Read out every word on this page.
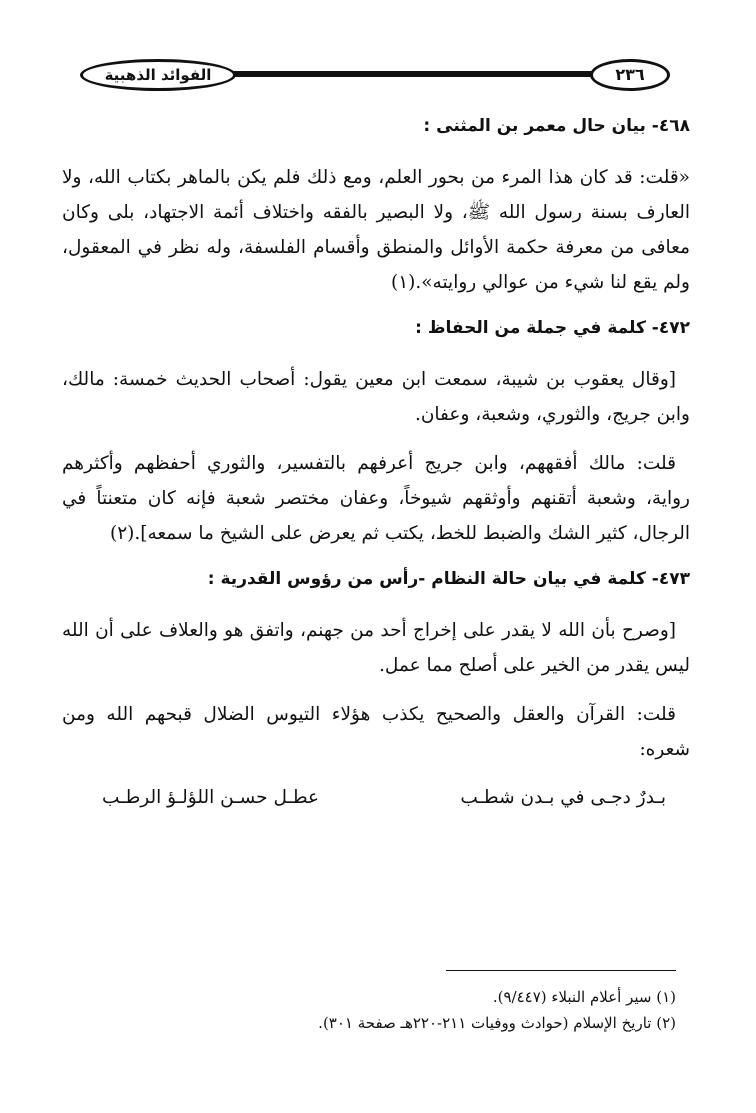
الفوائد الذهبية	٢٣٦

٤٦٨- بيان حال معمر بن المثنى :

«قلت: قد كان هذا المرء من بحور العلم، ومع ذلك فلم يكن بالماهر بكتاب الله، ولا العارف بسنة رسول الله ﷺ، ولا البصير بالفقه واختلاف أئمة الاجتهاد، بلى وكان معافى من معرفة حكمة الأوائل والمنطق وأقسام الفلسفة، وله نظر في المعقول، ولم يقع لنا شيء من عوالي روايته».(١)

٤٧٢- كلمة في جملة من الحفاظ :

[وقال يعقوب بن شيبة، سمعت ابن معين يقول: أصحاب الحديث خمسة: مالك، وابن جريج، والثوري، وشعبة، وعفان.

قلت: مالك أفقههم، وابن جريج أعرفهم بالتفسير، والثوري أحفظهم وأكثرهم رواية، وشعبة أتقنهم وأوثقهم شيوخاً، وعفان مختصر شعبة فإنه كان متعنتاً في الرجال، كثير الشك والضبط للخط، يكتب ثم يعرض على الشيخ ما سمعه].(٢)

٤٧٣- كلمة في بيان حالة النظام -رأس من رؤوس القدرية :

[وصرح بأن الله لا يقدر على إخراج أحد من جهنم، واتفق هو والعلاف على أن الله ليس يقدر من الخير على أصلح مما عمل.

قلت: القرآن والعقل والصحيح يكذب هؤلاء التيوس الضلال قبحهم الله ومن شعره:

بـدرٌ دجـى في بـدن شطـب
عطـل حسـن اللؤلـؤ الرطـب

(١) سير أعلام النبلاء (٩/٤٤٧).

(٢) تاريخ الإسلام (حوادث ووفيات ٢١١-٢٢٠هـ صفحة ٣٠١).
